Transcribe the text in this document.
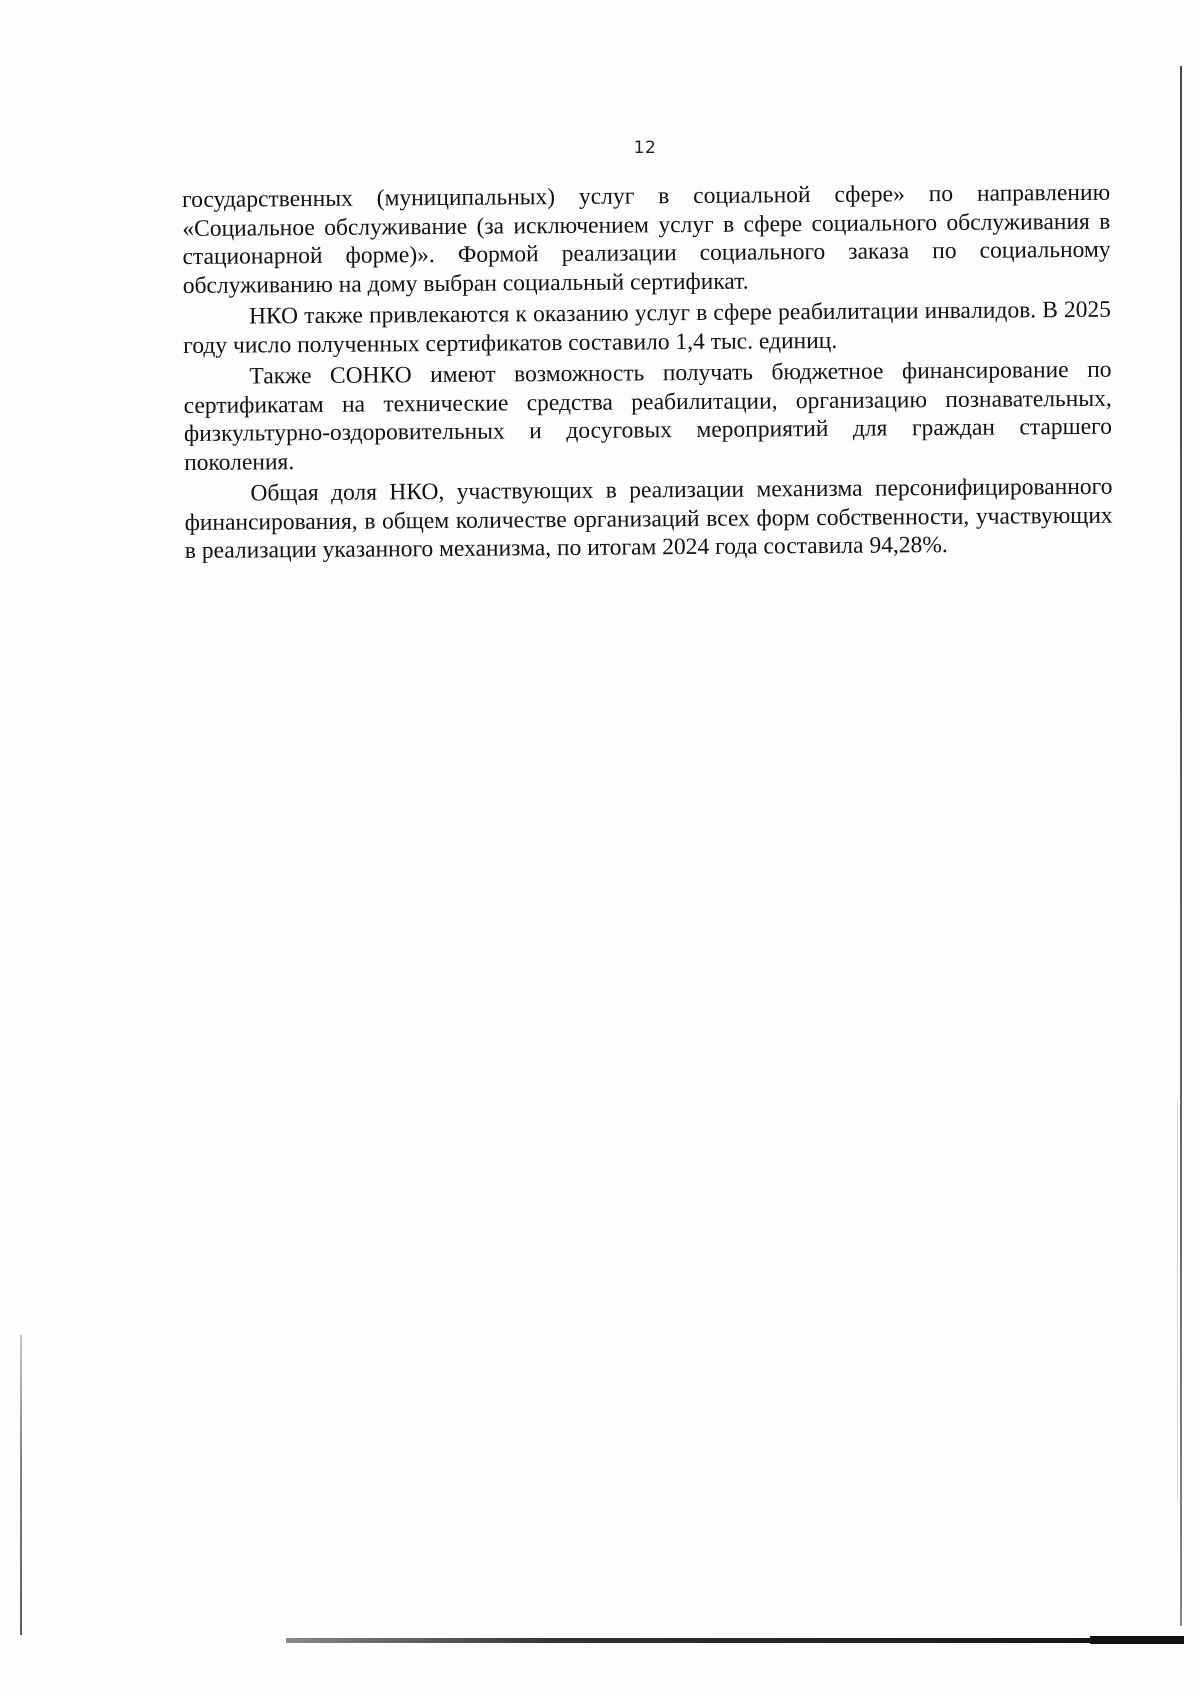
12

государственных (муниципальных) услуг в социальной сфере» по направлению «Социальное обслуживание (за исключением услуг в сфере социального обслуживания в стационарной форме)». Формой реализации социального заказа по социальному обслуживанию на дому выбран социальный сертификат.

НКО также привлекаются к оказанию услуг в сфере реабилитации инвалидов. В 2025 году число полученных сертификатов составило 1,4 тыс. единиц.

Также СОНКО имеют возможность получать бюджетное финансирование по сертификатам на технические средства реабилитации, организацию познавательных, физкультурно-оздоровительных и досуговых мероприятий для граждан старшего поколения.

Общая доля НКО, участвующих в реализации механизма персонифицированного финансирования, в общем количестве организаций всех форм собственности, участвующих в реализации указанного механизма, по итогам 2024 года составила 94,28%.
